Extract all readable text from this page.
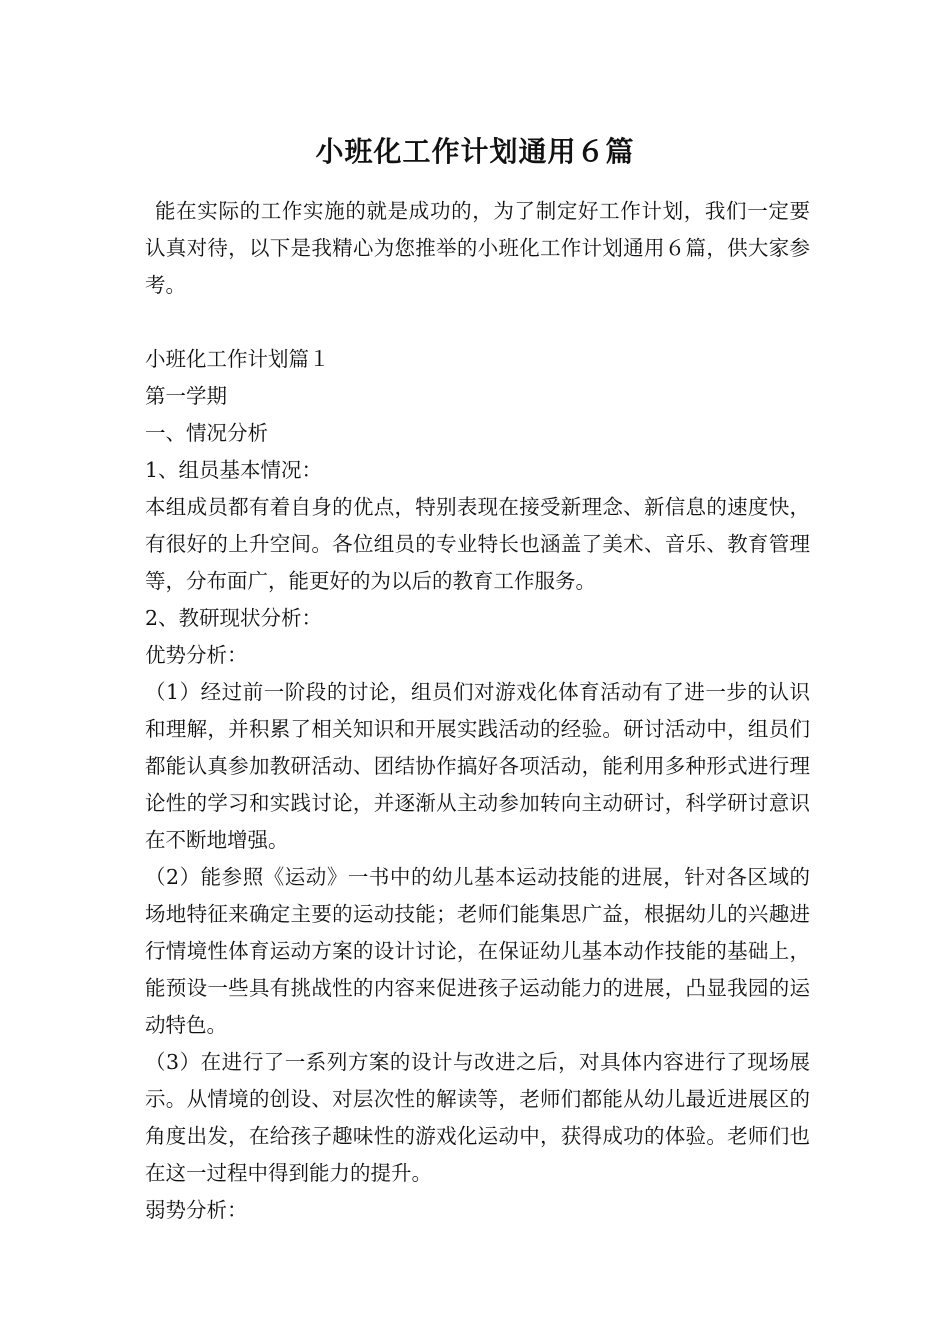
小班化工作计划通用６篇

能在实际的工作实施的就是成功的，为了制定好工作计划，我们一定要认真对待，以下是我精心为您推举的小班化工作计划通用６篇，供大家参考。

小班化工作计划篇１

第一学期

一、情况分析

1、组员基本情况：

本组成员都有着自身的优点，特别表现在接受新理念、新信息的速度快，有很好的上升空间。各位组员的专业特长也涵盖了美术、音乐、教育管理等，分布面广，能更好的为以后的教育工作服务。

2、教研现状分析：

优势分析：

（1）经过前一阶段的讨论，组员们对游戏化体育活动有了进一步的认识和理解，并积累了相关知识和开展实践活动的经验。研讨活动中，组员们都能认真参加教研活动、团结协作搞好各项活动，能利用多种形式进行理论性的学习和实践讨论，并逐渐从主动参加转向主动研讨，科学研讨意识在不断地增强。

（2）能参照《运动》一书中的幼儿基本运动技能的进展，针对各区域的场地特征来确定主要的运动技能；老师们能集思广益，根据幼儿的兴趣进行情境性体育运动方案的设计讨论，在保证幼儿基本动作技能的基础上，能预设一些具有挑战性的内容来促进孩子运动能力的进展，凸显我园的运动特色。

（3）在进行了一系列方案的设计与改进之后，对具体内容进行了现场展示。从情境的创设、对层次性的解读等，老师们都能从幼儿最近进展区的角度出发，在给孩子趣味性的游戏化运动中，获得成功的体验。老师们也在这一过程中得到能力的提升。

弱势分析：
